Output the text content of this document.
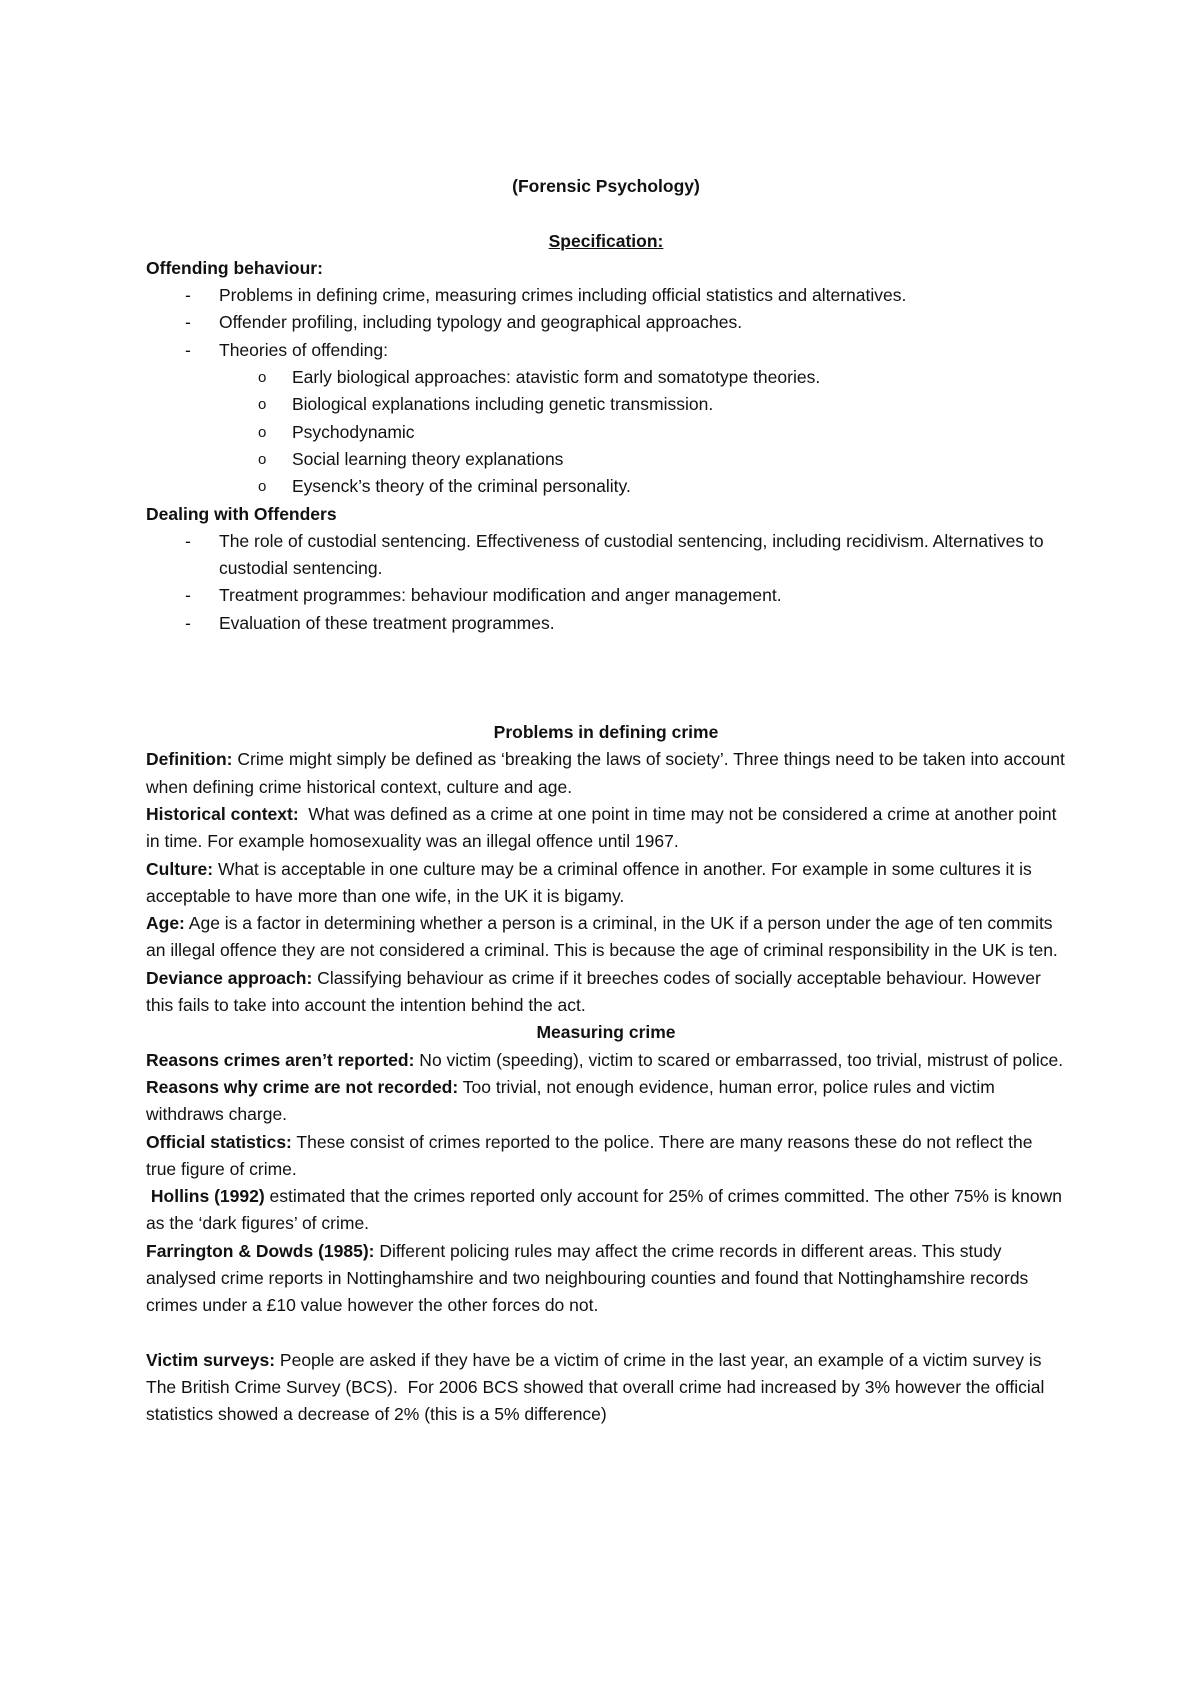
(Forensic Psychology)

Specification:

Offending behaviour:

- Problems in defining crime, measuring crimes including official statistics and alternatives.
- Offender profiling, including typology and geographical approaches.
- Theories of offending:
o Early biological approaches: atavistic form and somatotype theories.
o Biological explanations including genetic transmission.
o Psychodynamic
o Social learning theory explanations
o Eysenck’s theory of the criminal personality.

Dealing with Offenders

- The role of custodial sentencing. Effectiveness of custodial sentencing, including recidivism. Alternatives to custodial sentencing.
- Treatment programmes: behaviour modification and anger management.
- Evaluation of these treatment programmes.

Problems in defining crime

Definition: Crime might simply be defined as ‘breaking the laws of society’. Three things need to be taken into account when defining crime historical context, culture and age.

Historical context:  What was defined as a crime at one point in time may not be considered a crime at another point in time. For example homosexuality was an illegal offence until 1967.

Culture: What is acceptable in one culture may be a criminal offence in another. For example in some cultures it is acceptable to have more than one wife, in the UK it is bigamy.

Age: Age is a factor in determining whether a person is a criminal, in the UK if a person under the age of ten commits an illegal offence they are not considered a criminal. This is because the age of criminal responsibility in the UK is ten.

Deviance approach: Classifying behaviour as crime if it breeches codes of socially acceptable behaviour. However this fails to take into account the intention behind the act.

Measuring crime

Reasons crimes aren’t reported: No victim (speeding), victim to scared or embarrassed, too trivial, mistrust of police.

Reasons why crime are not recorded: Too trivial, not enough evidence, human error, police rules and victim withdraws charge.

Official statistics: These consist of crimes reported to the police. There are many reasons these do not reflect the true figure of crime.

Hollins (1992) estimated that the crimes reported only account for 25% of crimes committed. The other 75% is known as the ‘dark figures’ of crime.

Farrington & Dowds (1985): Different policing rules may affect the crime records in different areas. This study analysed crime reports in Nottinghamshire and two neighbouring counties and found that Nottinghamshire records crimes under a £10 value however the other forces do not.

Victim surveys: People are asked if they have be a victim of crime in the last year, an example of a victim survey is The British Crime Survey (BCS).  For 2006 BCS showed that overall crime had increased by 3% however the official statistics showed a decrease of 2% (this is a 5% difference)
